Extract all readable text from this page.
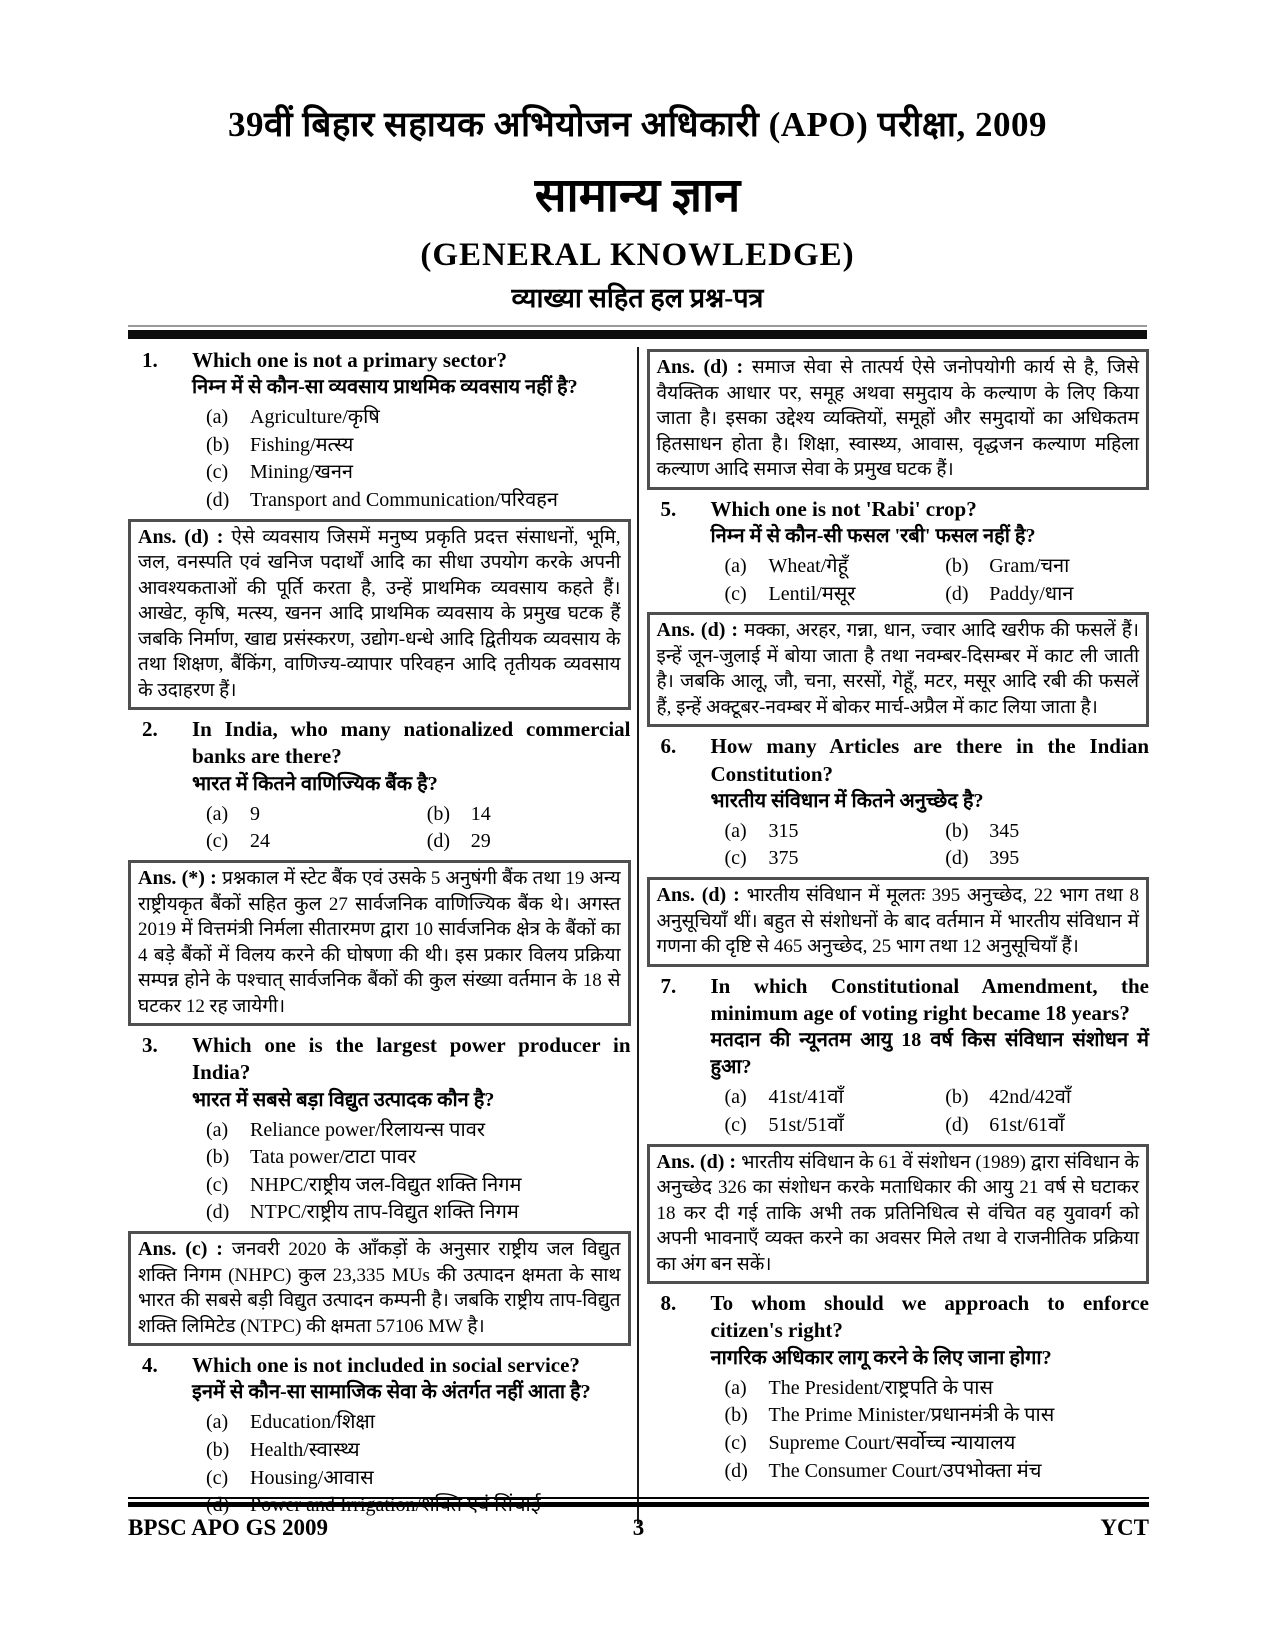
39वीं बिहार सहायक अभियोजन अधिकारी (APO) परीक्षा, 2009
सामान्य ज्ञान
(GENERAL KNOWLEDGE)
व्याख्या सहित हल प्रश्न-पत्र
1.	Which one is not a primary sector?
निम्न में से कौन-सा व्यवसाय प्राथमिक व्यवसाय नहीं है?
(a)	Agriculture/कृषि
(b)	Fishing/मत्स्य
(c)	Mining/खनन
(d)	Transport and Communication/परिवहन
Ans. (d) : ऐसे व्यवसाय जिसमें मनुष्य प्रकृति प्रदत्त संसाधनों, भूमि, जल, वनस्पति एवं खनिज पदार्थों आदि का सीधा उपयोग करके अपनी आवश्यकताओं की पूर्ति करता है, उन्हें प्राथमिक व्यवसाय कहते हैं। आखेट, कृषि, मत्स्य, खनन आदि प्राथमिक व्यवसाय के प्रमुख घटक हैं जबकि निर्माण, खाद्य प्रसंस्करण, उद्योग-धन्धे आदि द्वितीयक व्यवसाय के तथा शिक्षण, बैंकिंग, वाणिज्य-व्यापार परिवहन आदि तृतीयक व्यवसाय के उदाहरण हैं।
2.	In India, who many nationalized commercial banks are there?
भारत में कितने वाणिज्यिक बैंक है?
(a)	9	(b)	14
(c)	24	(d)	29
Ans. (*) : प्रश्नकाल में स्टेट बैंक एवं उसके 5 अनुषंगी बैंक तथा 19 अन्य राष्ट्रीयकृत बैंकों सहित कुल 27 सार्वजनिक वाणिज्यिक बैंक थे। अगस्त 2019 में वित्तमंत्री निर्मला सीतारमण द्वारा 10 सार्वजनिक क्षेत्र के बैंकों का 4 बड़े बैंकों में विलय करने की घोषणा की थी। इस प्रकार विलय प्रक्रिया सम्पन्न होने के पश्चात् सार्वजनिक बैंकों की कुल संख्या वर्तमान के 18 से घटकर 12 रह जायेगी।
3.	Which one is the largest power producer in India?
भारत में सबसे बड़ा विद्युत उत्पादक कौन है?
(a)	Reliance power/रिलायन्स पावर
(b)	Tata power/टाटा पावर
(c)	NHPC/राष्ट्रीय जल-विद्युत शक्ति निगम
(d)	NTPC/राष्ट्रीय ताप-विद्युत शक्ति निगम
Ans. (c) : जनवरी 2020 के आँकड़ों के अनुसार राष्ट्रीय जल विद्युत शक्ति निगम (NHPC) कुल 23,335 MUs की उत्पादन क्षमता के साथ भारत की सबसे बड़ी विद्युत उत्पादन कम्पनी है। जबकि राष्ट्रीय ताप-विद्युत शक्ति लिमिटेड (NTPC) की क्षमता 57106 MW है।
4.	Which one is not included in social service?
इनमें से कौन-सा सामाजिक सेवा के अंतर्गत नहीं आता है?
(a)	Education/शिक्षा
(b)	Health/स्वास्थ्य
(c)	Housing/आवास
Ans. (d) : समाज सेवा से तात्पर्य ऐसे जनोपयोगी कार्य से है, जिसे वैयक्तिक आधार पर, समूह अथवा समुदाय के कल्याण के लिए किया जाता है। इसका उद्देश्य व्यक्तियों, समूहों और समुदायों का अधिकतम हितसाधन होता है। शिक्षा, स्वास्थ्य, आवास, वृद्धजन कल्याण महिला कल्याण आदि समाज सेवा के प्रमुख घटक हैं।
5.	Which one is not 'Rabi' crop?
निम्न में से कौन-सी फसल 'रबी' फसल नहीं है?
(a)	Wheat/गेहूँ	(b)	Gram/चना
(c)	Lentil/मसूर	(d)	Paddy/धान
Ans. (d) : मक्का, अरहर, गन्ना, धान, ज्वार आदि खरीफ की फसलें हैं। इन्हें जून-जुलाई में बोया जाता है तथा नवम्बर-दिसम्बर में काट ली जाती है। जबकि आलू, जौ, चना, सरसों, गेहूँ, मटर, मसूर आदि रबी की फसलें हैं, इन्हें अक्टूबर-नवम्बर में बोकर मार्च-अप्रैल में काट लिया जाता है।
6.	How many Articles are there in the Indian Constitution?
भारतीय संविधान में कितने अनुच्छेद है?
(a)	315	(b)	345
(c)	375	(d)	395
Ans. (d) : भारतीय संविधान में मूलतः 395 अनुच्छेद, 22 भाग तथा 8 अनुसूचियाँ थीं। बहुत से संशोधनों के बाद वर्तमान में भारतीय संविधान में गणना की दृष्टि से 465 अनुच्छेद, 25 भाग तथा 12 अनुसूचियाँ हैं।
7.	In which Constitutional Amendment, the minimum age of voting right became 18 years?
मतदान की न्यूनतम आयु 18 वर्ष किस संविधान संशोधन में हुआ?
(a)	41st/41वाँ	(b)	42nd/42वाँ
(c)	51st/51वाँ	(d)	61st/61वाँ
Ans. (d) : भारतीय संविधान के 61 वें संशोधन (1989) द्वारा संविधान के अनुच्छेद 326 का संशोधन करके मताधिकार की आयु 21 वर्ष से घटाकर 18 कर दी गई ताकि अभी तक प्रतिनिधित्व से वंचित वह युवावर्ग को अपनी भावनाएँ व्यक्त करने का अवसर मिले तथा वे राजनीतिक प्रक्रिया का अंग बन सकें।
8.	To whom should we approach to enforce citizen's right?
नागरिक अधिकार लागू करने के लिए जाना होगा?
(a)	The President/राष्ट्रपति के पास
(b)	The Prime Minister/प्रधानमंत्री के पास
(c)	Supreme Court/सर्वोच्च न्यायालय
(d)	The Consumer Court/उपभोक्ता मंच
BPSC APO GS 2009	3	YCT
